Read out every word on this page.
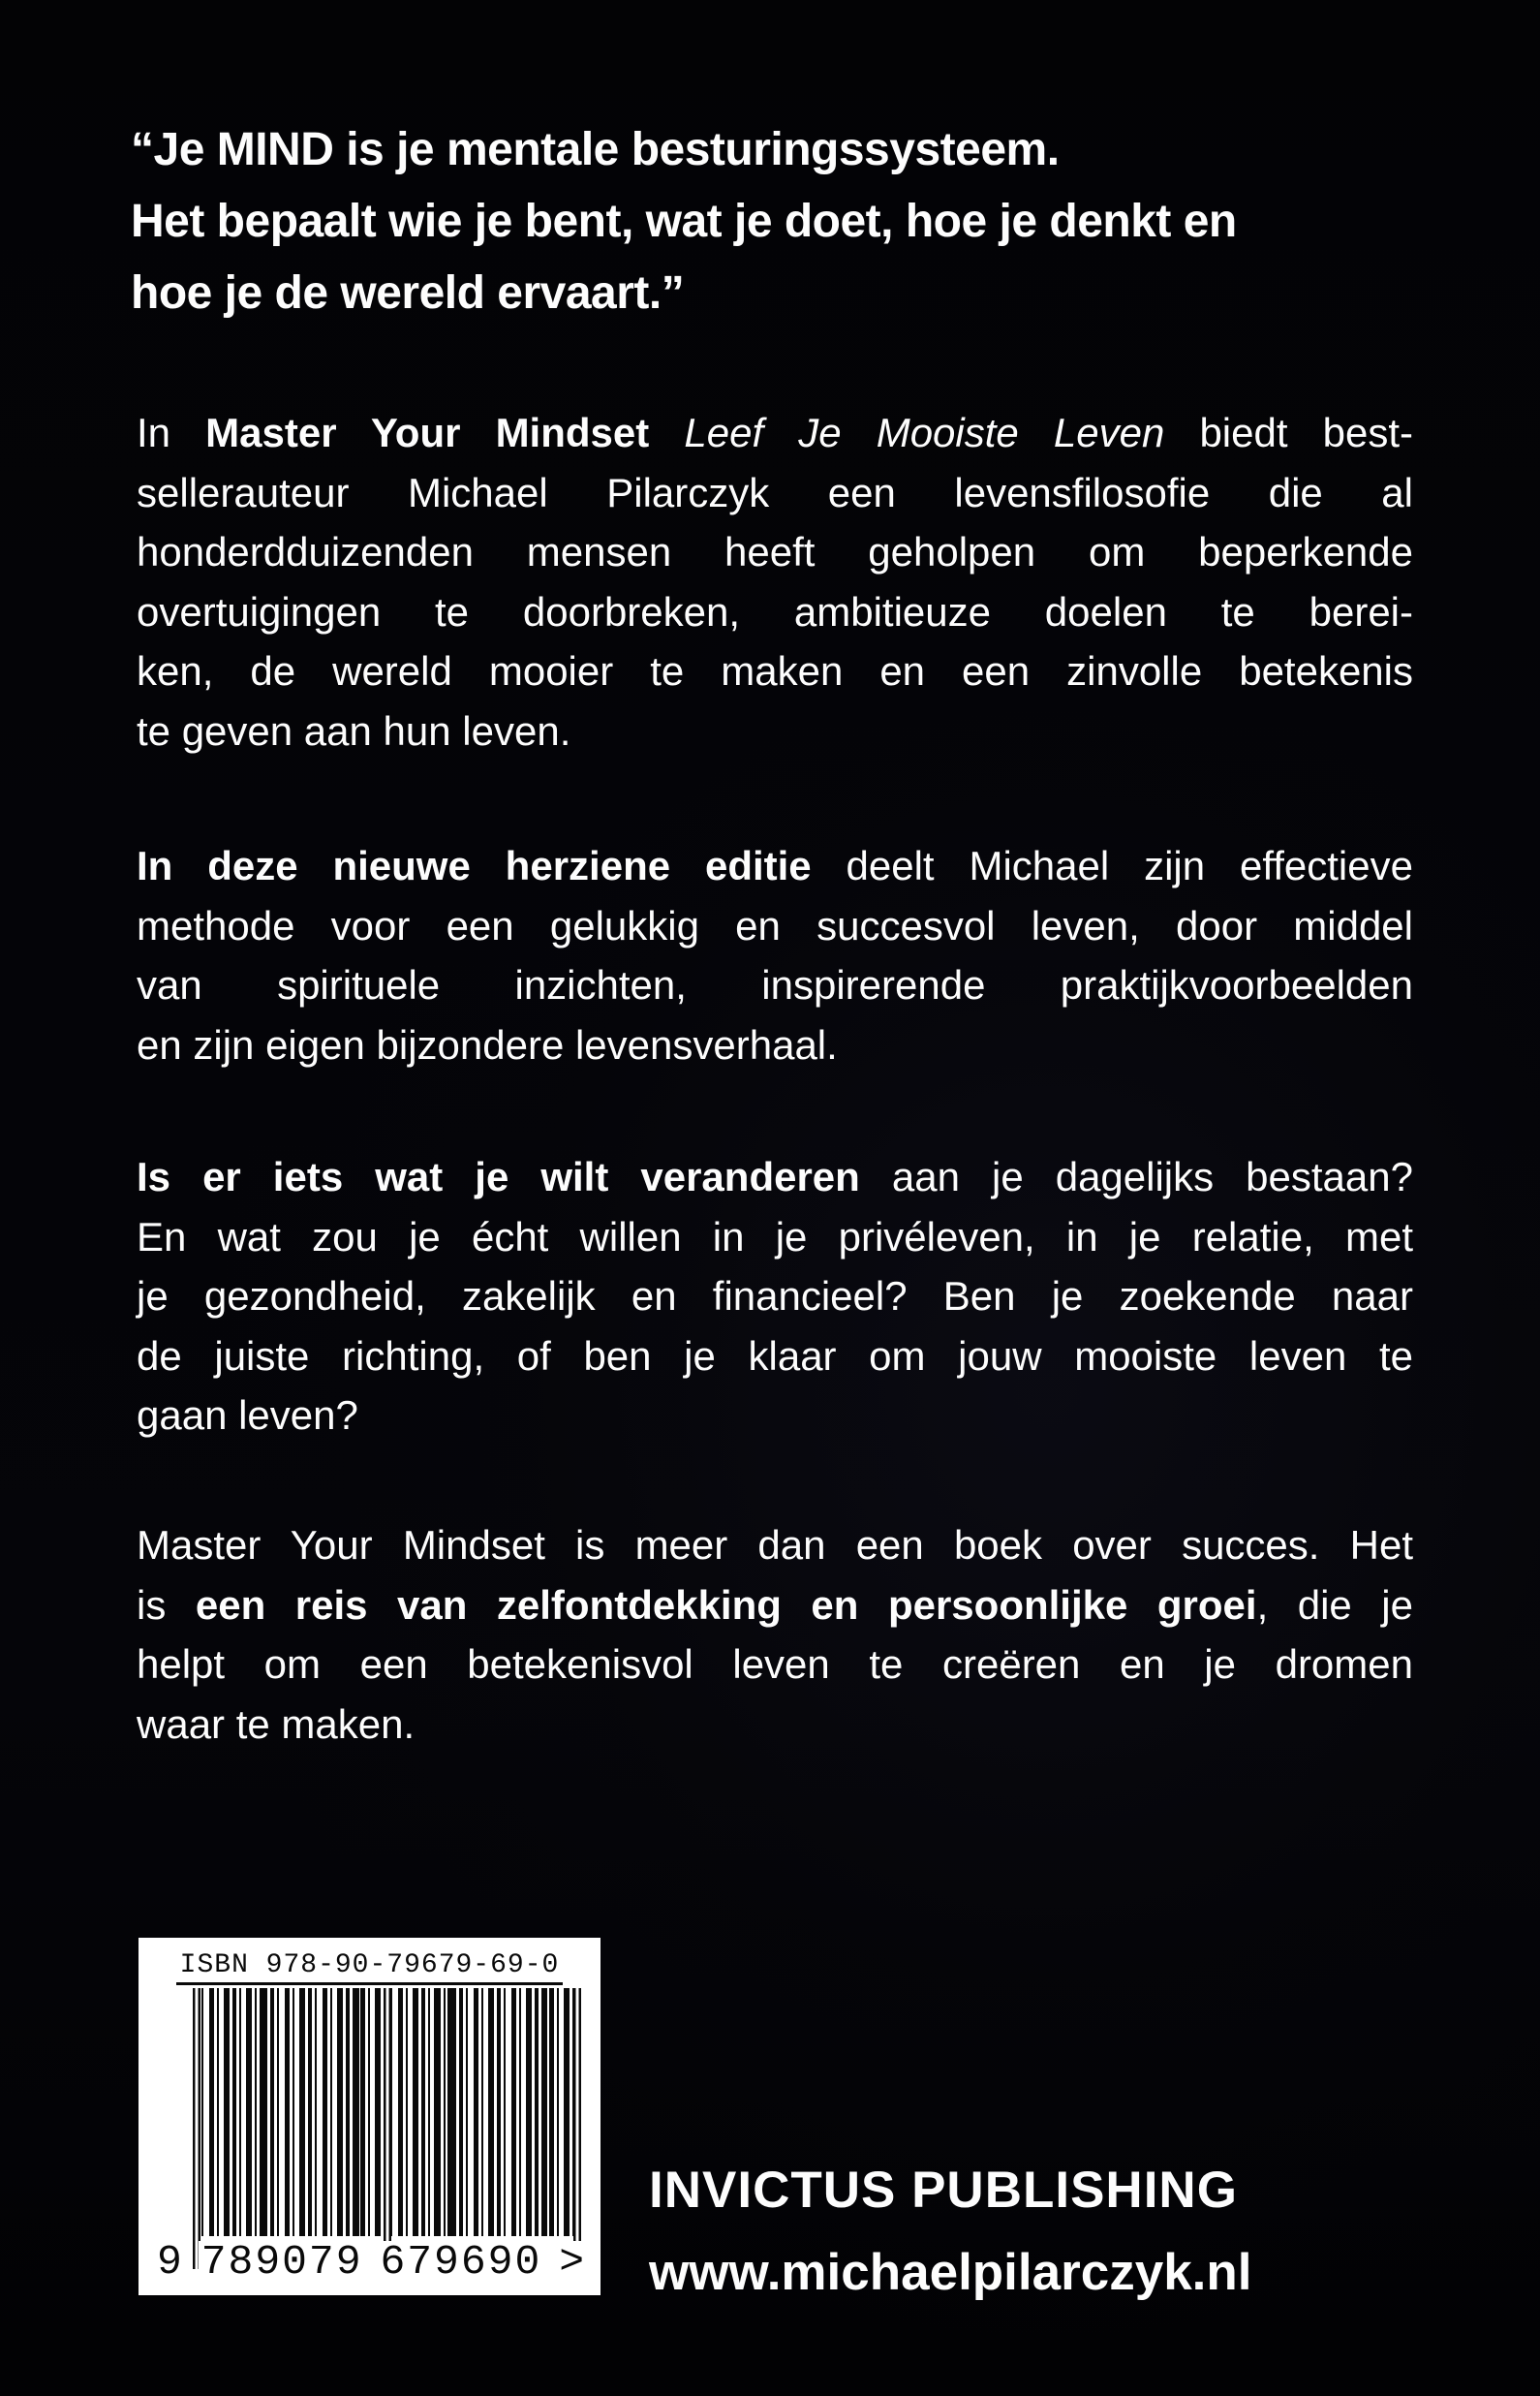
“Je MIND is je mentale besturingssysteem.
Het bepaalt wie je bent, wat je doet, hoe je denkt en
hoe je de wereld ervaart.”
In Master Your Mindset Leef Je Mooiste Leven biedt best-
sellerauteur Michael Pilarczyk een levensfilosofie die al
honderdduizenden mensen heeft geholpen om beperkende
overtuigingen te doorbreken, ambitieuze doelen te berei-
ken, de wereld mooier te maken en een zinvolle betekenis
te geven aan hun leven.
In deze nieuwe herziene editie deelt Michael zijn effectieve
methode voor een gelukkig en succesvol leven, door middel
van spirituele inzichten, inspirerende praktijkvoorbeelden
en zijn eigen bijzondere levensverhaal.
Is er iets wat je wilt veranderen aan je dagelijks bestaan?
En wat zou je écht willen in je privéleven, in je relatie, met
je gezondheid, zakelijk en financieel? Ben je zoekende naar
de juiste richting, of ben je klaar om jouw mooiste leven te
gaan leven?
Master Your Mindset is meer dan een boek over succes. Het
is een reis van zelfontdekking en persoonlijke groei, die je
helpt om een betekenisvol leven te creëren en je dromen
waar te maken.
ISBN 978-90-79679-69-0
9 789079 679690 >
INVICTUS PUBLISHING
www.michaelpilarczyk.nl
